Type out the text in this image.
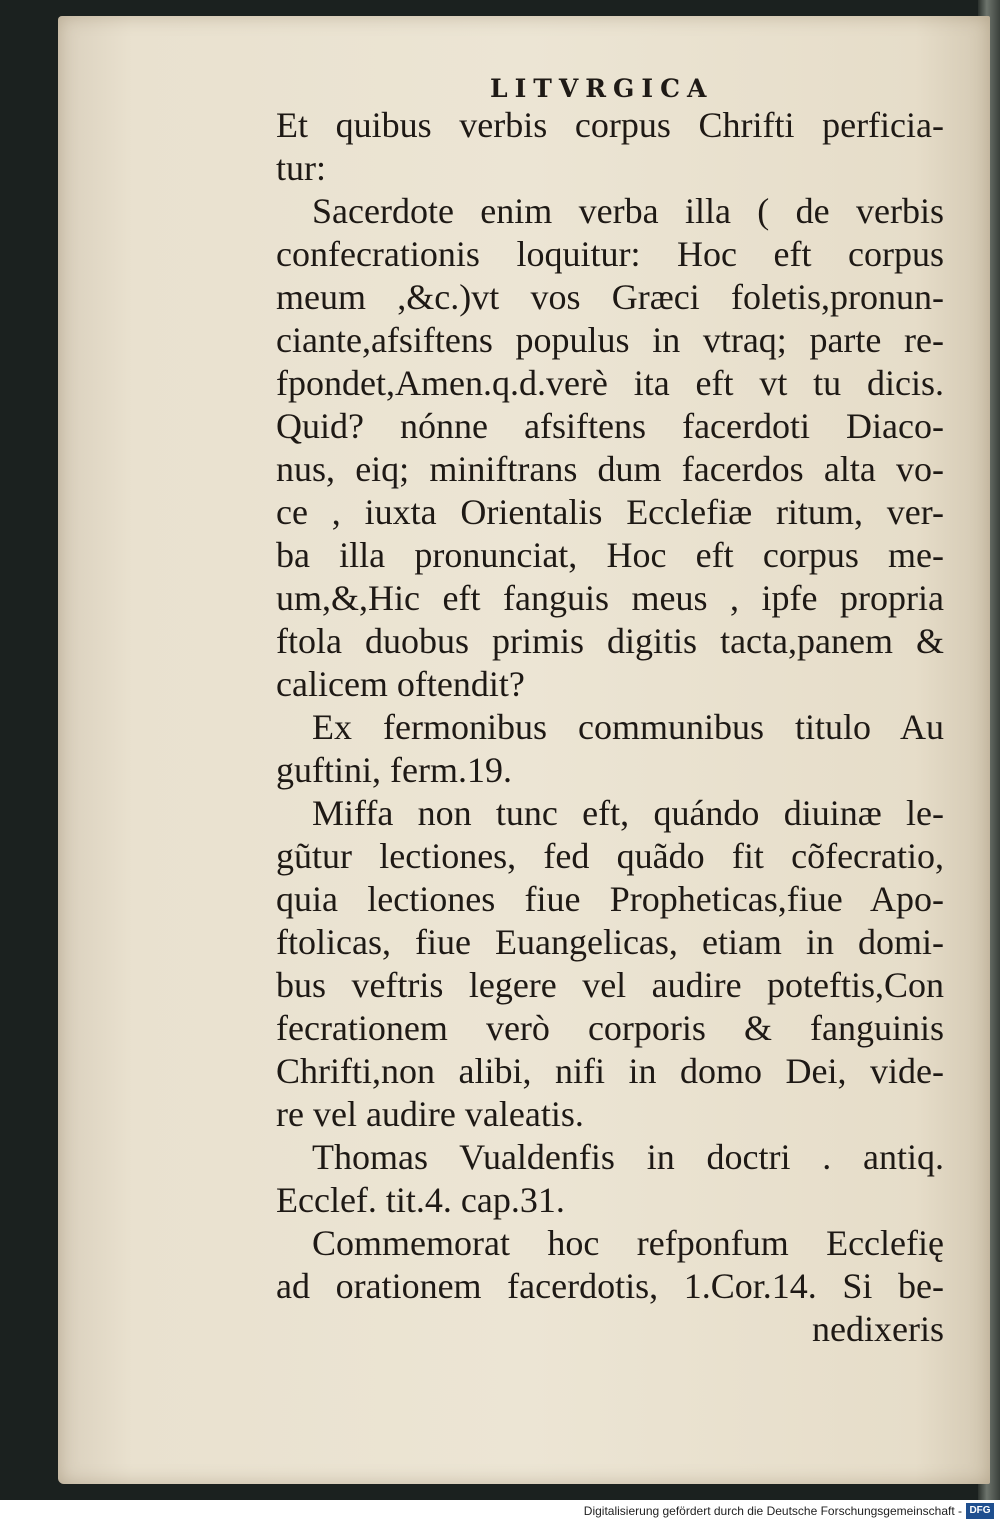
LITVRGICA
Et quibus verbis corpus Chrifti perficia-
tur:
Sacerdote enim verba illa ( de verbis
confecrationis loquitur: Hoc eft corpus
meum ,&c.)vt vos Græci foletis,pronun-
ciante,afsiftens populus in vtraq; parte re-
fpondet,Amen.q.d.verè ita eft vt tu dicis.
Quid? nónne afsiftens facerdoti Diaco-
nus, eiq; miniftrans dum facerdos alta vo-
ce , iuxta Orientalis Ecclefiæ ritum, ver-
ba illa pronunciat, Hoc eft corpus me-
um,&,Hic eft fanguis meus , ipfe propria
ftola duobus primis digitis tacta,panem &
calicem oftendit?
Ex fermonibus communibus titulo Au
guftini, ferm.19.
Miffa non tunc eft, quándo diuinæ le-
gũtur lectiones, fed quãdo fit cõfecratio,
quia lectiones fiue Propheticas,fiue Apo-
ftolicas, fiue Euangelicas, etiam in domi-
bus veftris legere vel audire poteftis,Con
fecrationem verò corporis & fanguinis
Chrifti,non alibi, nifi in domo Dei, vide-
re vel audire valeatis.
Thomas Vualdenfis in doctri . antiq.
Ecclef. tit.4. cap.31.
Commemorat hoc refponfum Ecclefię
ad orationem facerdotis, 1.Cor.14. Si be-
nedixeris
Digitalisierung gefördert durch die Deutsche Forschungsgemeinschaft - DFG
